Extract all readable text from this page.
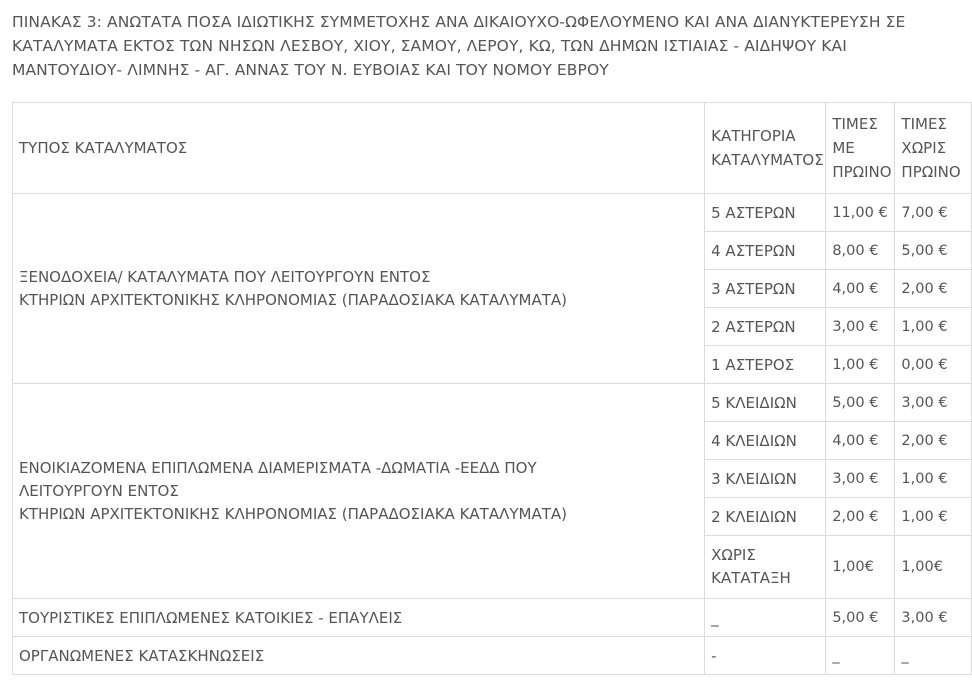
ΠΙΝΑΚΑΣ 3: ΑΝΩΤΑΤΑ ΠΟΣΑ ΙΔΙΩΤΙΚΗΣ ΣΥΜΜΕΤΟΧΗΣ ΑΝΑ ΔΙΚΑΙΟΥΧΟ-ΩΦΕΛΟΥΜΕΝΟ ΚΑΙ ΑΝΑ ΔΙΑΝΥΚΤΕΡΕΥΣΗ ΣΕ ΚΑΤΑΛΥΜΑΤΑ ΕΚΤΟΣ ΤΩΝ ΝΗΣΩΝ ΛΕΣΒΟΥ, ΧΙΟΥ, ΣΑΜΟΥ, ΛΕΡΟΥ, ΚΩ, ΤΩΝ ΔΗΜΩΝ ΙΣΤΙΑΙΑΣ - ΑΙΔΗΨΟΥ ΚΑΙ ΜΑΝΤΟΥΔΙΟΥ- ΛΙΜΝΗΣ - ΑΓ. ΑΝΝΑΣ ΤΟΥ Ν. ΕΥΒΟΙΑΣ ΚΑΙ ΤΟΥ ΝΟΜΟΥ ΕΒΡΟΥ
ΤΥΠΟΣ ΚΑΤΑΛΥΜΑΤΟΣ	ΚΑΤΗΓΟΡΙΑ ΚΑΤΑΛΥΜΑΤΟΣ	ΤΙΜΕΣ ΜΕ ΠΡΩΙΝΟ	ΤΙΜΕΣ ΧΩΡΙΣ ΠΡΩΙΝΟ

ΞΕΝΟΔΟΧΕΙΑ/ ΚΑΤΑΛΥΜΑΤΑ ΠΟΥ ΛΕΙΤΟΥΡΓΟΥΝ ΕΝΤΟΣ
ΚΤΗΡΙΩΝ ΑΡΧΙΤΕΚΤΟΝΙΚΗΣ ΚΛΗΡΟΝΟΜΙΑΣ (ΠΑΡΑΔΟΣΙΑΚΑ ΚΑΤΑΛΥΜΑΤΑ)	5 ΑΣΤΕΡΩΝ	11,00 €	7,00 €
	4 ΑΣΤΕΡΩΝ	8,00 €	5,00 €
	3 ΑΣΤΕΡΩΝ	4,00 €	2,00 €
	2 ΑΣΤΕΡΩΝ	3,00 €	1,00 €
	1 ΑΣΤΕΡΟΣ	1,00 €	0,00 €

ΕΝΟΙΚΙΑΖΟΜΕΝΑ ΕΠΙΠΛΩΜΕΝΑ ΔΙΑΜΕΡΙΣΜΑΤΑ -ΔΩΜΑΤΙΑ -ΕΕΔΔ ΠΟΥ
ΛΕΙΤΟΥΡΓΟΥΝ ΕΝΤΟΣ
ΚΤΗΡΙΩΝ ΑΡΧΙΤΕΚΤΟΝΙΚΗΣ ΚΛΗΡΟΝΟΜΙΑΣ (ΠΑΡΑΔΟΣΙΑΚΑ ΚΑΤΑΛΥΜΑΤΑ)	5 ΚΛΕΙΔΙΩΝ	5,00 €	3,00 €
	4 ΚΛΕΙΔΙΩΝ	4,00 €	2,00 €
	3 ΚΛΕΙΔΙΩΝ	3,00 €	1,00 €
	2 ΚΛΕΙΔΙΩΝ	2,00 €	1,00 €
	ΧΩΡΙΣ ΚΑΤΑΤΑΞΗ	1,00€	1,00€
ΤΟΥΡΙΣΤΙΚΕΣ ΕΠΙΠΛΩΜΕΝΕΣ ΚΑΤΟΙΚΙΕΣ - ΕΠΑΥΛΕΙΣ	_	5,00 €	3,00 €
ΟΡΓΑΝΩΜΕΝΕΣ ΚΑΤΑΣΚΗΝΩΣΕΙΣ	-	_	_
